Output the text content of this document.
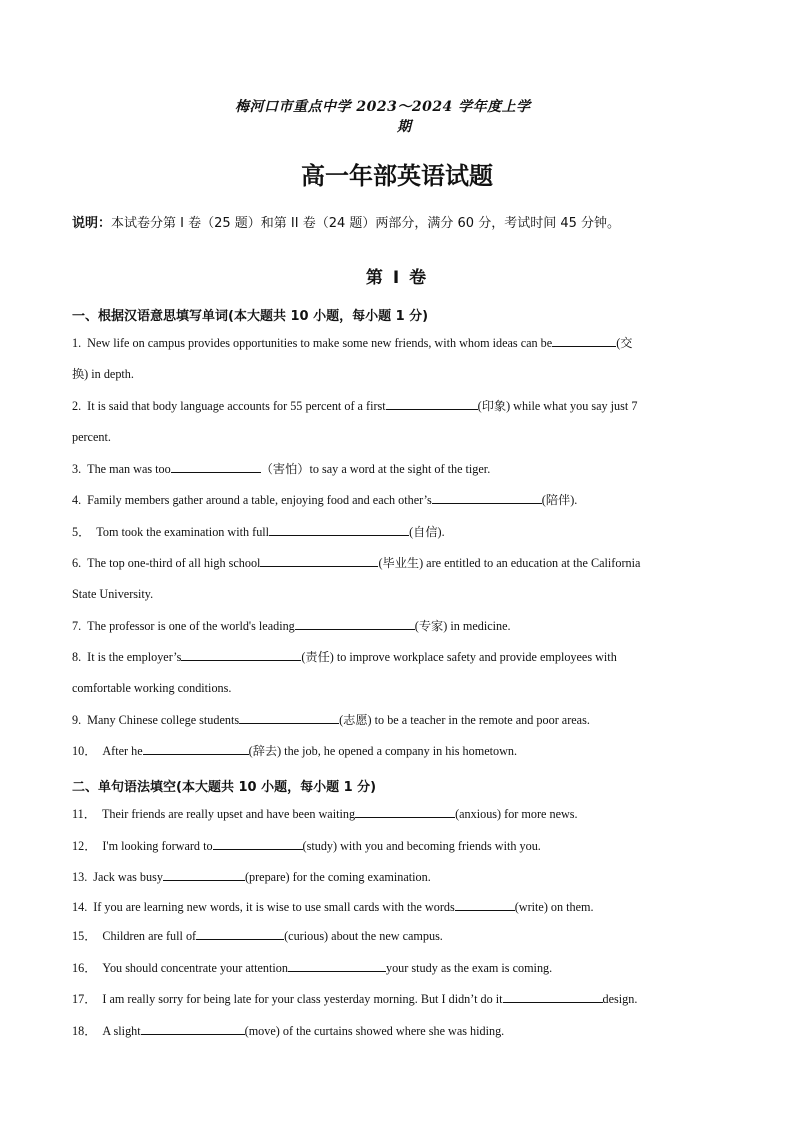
梅河口市重点中学 2023～2024 学年度上学
期
高一年部英语试题
说明：本试卷分第 I 卷（25 题）和第 II 卷（24 题）两部分，满分 60 分，考试时间 45 分钟。
第 I 卷
一、根据汉语意思填写单词(本大题共 10 小题，每小题 1 分)
1. New life on campus provides opportunities to make some new friends, with whom ideas can be	(交
换) in depth.
2. It is said that body language accounts for 55 percent of a first	(印象) while what you say just 7
percent.
3. The man was too	（害怕）to say a word at the sight of the tiger.
4. Family members gather around a table, enjoying food and each other’s	(陪伴).
5． Tom took the examination with full	(自信).
6. The top one-third of all high school	(毕业生) are entitled to an education at the California
State University.
7. The professor is one of the world's leading	(专家) in medicine.
8. It is the employer’s	(责任) to improve workplace safety and provide employees with
comfortable working conditions.
9. Many Chinese college students	(志愿) to be a teacher in the remote and poor areas.
10． After he	(辞去) the job, he opened a company in his hometown.
二、单句语法填空(本大题共 10 小题，每小题 1 分)
11． Their friends are really upset and have been waiting	(anxious) for more news.
12． I'm looking forward to	(study) with you and becoming friends with you.
13. Jack was busy	(prepare) for the coming examination.
14. If you are learning new words, it is wise to use small cards with the words	(write) on them.
15． Children are full of	(curious) about the new campus.
16． You should concentrate your attention	your study as the exam is coming.
17． I am really sorry for being late for your class yesterday morning. But I didn’t do it	design.
18． A slight	(move) of the curtains showed where she was hiding.
